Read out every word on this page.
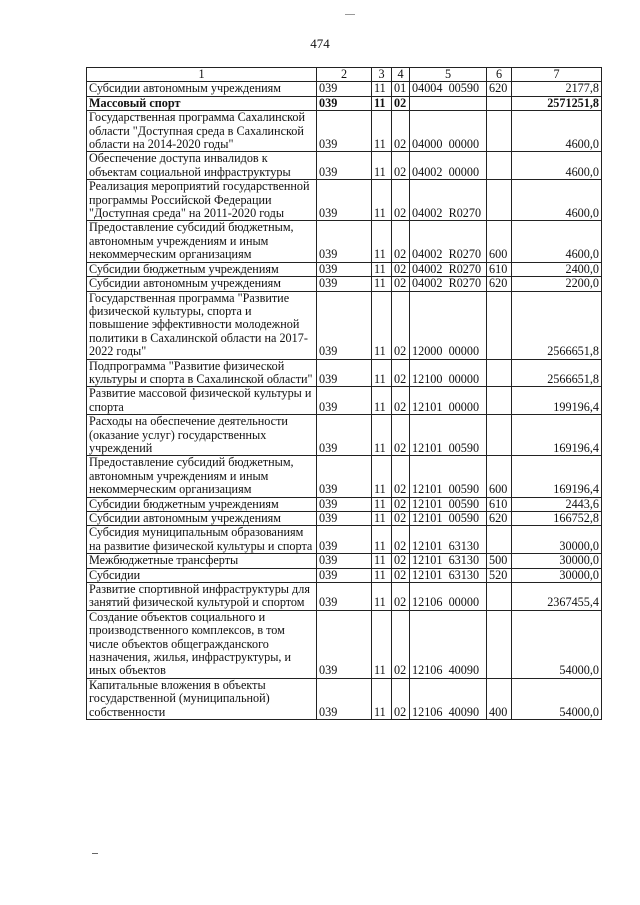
474
1	2	3	4	5	6	7
Субсидии автономным учреждениям	039	11	01	04004  00590	620	2177,8
Массовый спорт	039	11	02			2571251,8
Государственная программа Сахалинской области "Доступная среда в Сахалинской области на 2014-2020 годы"	039	11	02	04000  00000		4600,0
Обеспечение доступа инвалидов к объектам социальной инфраструктуры	039	11	02	04002  00000		4600,0
Реализация мероприятий государственной программы Российской Федерации "Доступная среда" на 2011-2020 годы	039	11	02	04002  R0270		4600,0
Предоставление субсидий бюджетным, автономным учреждениям и иным некоммерческим организациям	039	11	02	04002  R0270	600	4600,0
Субсидии бюджетным учреждениям	039	11	02	04002  R0270	610	2400,0
Субсидии автономным учреждениям	039	11	02	04002  R0270	620	2200,0
Государственная программа "Развитие физической культуры, спорта и повышение эффективности молодежной политики в Сахалинской области на 2017-2022 годы"	039	11	02	12000  00000		2566651,8
Подпрограмма "Развитие физической культуры и спорта в Сахалинской области"	039	11	02	12100  00000		2566651,8
Развитие массовой физической культуры и спорта	039	11	02	12101  00000		199196,4
Расходы на обеспечение деятельности (оказание услуг) государственных учреждений	039	11	02	12101  00590		169196,4
Предоставление субсидий бюджетным, автономным учреждениям и иным некоммерческим организациям	039	11	02	12101  00590	600	169196,4
Субсидии бюджетным учреждениям	039	11	02	12101  00590	610	2443,6
Субсидии автономным учреждениям	039	11	02	12101  00590	620	166752,8
Субсидия муниципальным образованиям на развитие физической культуры и спорта	039	11	02	12101  63130		30000,0
Межбюджетные трансферты	039	11	02	12101  63130	500	30000,0
Субсидии	039	11	02	12101  63130	520	30000,0
Развитие спортивной инфраструктуры для занятий физической культурой и спортом	039	11	02	12106  00000		2367455,4
Создание объектов социального и производственного комплексов, в том числе объектов общегражданского назначения, жилья, инфраструктуры, и иных объектов	039	11	02	12106  40090		54000,0
Капитальные вложения в объекты государственной (муниципальной) собственности	039	11	02	12106  40090	400	54000,0
